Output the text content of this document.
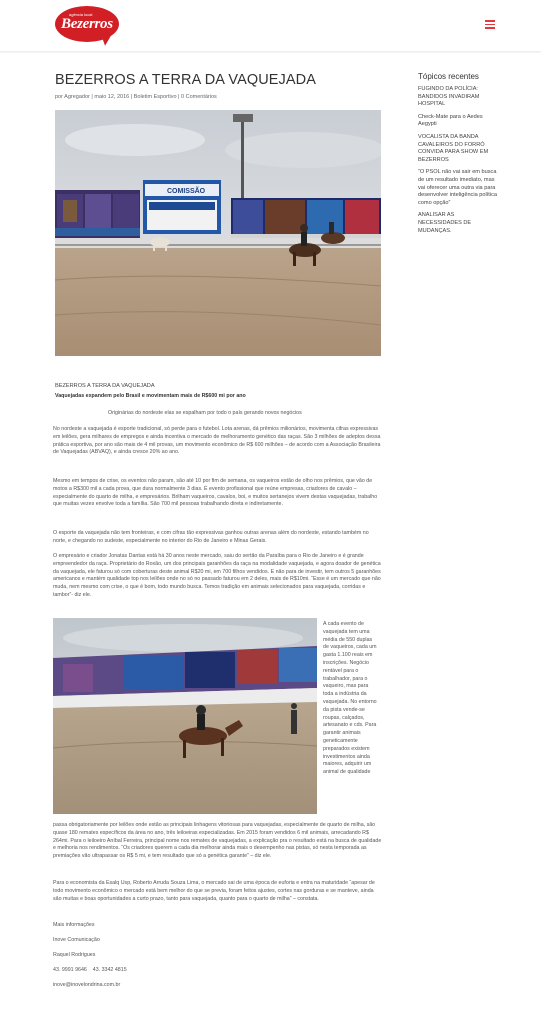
agência local
Bezerros
BEZERROS A TERRA DA VAQUEJADA
por Agregador | maio 12, 2016 | Boletim Esportivo | 0 Comentários
COMISSÃO
Tópicos recentes
FUGINDO DA POLÍCIA: BANDIDOS INVADIRAM HOSPITAL
Check-Mate para o Aedes Aegypti
VOCALISTA DA BANDA CAVALEIROS DO FORRÓ CONVIDA PARA SHOW EM BEZERROS
“O PSOL não vai sair em busca de um resultado imediato, mas vai oferecer uma outra via para desenvolver inteligência política como opção”
ANALISAR AS NECESSIDADES DE MUDANÇAS.
BEZERROS A TERRA DA VAQUEJADA
Vaquejadas expandem pelo Brasil e movimentam mais de R$600 mi por ano
Originárias do nordeste elas se espalham por todo o país gerando novos negócios
No nordeste a vaquejada é esporte tradicional, só perde para o futebol. Lota arenas, dá prêmios milionários, movimenta cifras expressivas em leilões, gera milhares de empregos e ainda incentiva o mercado de melhoramento genético das raças. São 3 milhões de adeptos dessa prática esportiva, por ano são mais de 4 mil provas, um movimento econômico de R$ 600 milhões – de acordo com a Associação Brasileira de Vaquejadas (ABVAQ), e ainda cresce 20% ao ano.
Mesmo em tempos de crise, os eventos não param, são até 10 por fim de semana, os vaqueiros estão de olho nos prêmios, que vão de motos a R$300 mil a cada prova, que dura normalmente 3 dias. É evento profissional que reúne empresas, criadores de cavalo – especialmente do quarto de milha, e empresários. Brilham vaqueiros, cavalos, boi, e muitos sertanejos vivem destas vaquejadas, trabalho que muitas vezes envolve toda a família. São 700 mil pessoas trabalhando direta e indiretamente.
O esporte da vaquejada não tem fronteiras, e com cifras tão expressivas ganhou outras arenas além do nordeste, estando também no norte, e chegando no sudeste, especialmente no interior do Rio de Janeiro e Minas Gerais.
O empresário e criador Jonatas Dantas está há 30 anos neste mercado, saiu do sertão da Paraíba para o Rio de Janeiro e é grande empreendedor da raça. Proprietário do Roxão, um dos principais garanhões da raça na modalidade vaquejada, e agora doador de genética da vaquejada, ele faturou só com coberturas deste animal R$20 mi, em 700 filhos vendidos. E não para de investir, tem outros 5 garanhões americanos e mantém qualidade top nos leilões onde no só no passado faturou em 2 deles, mais de R$10mi. “Esse é um mercado que não muda, nem mesmo com crise, o que é bom, todo mundo busca. Temos tradição em animais selecionados para vaquejada, corridas e tambor”- diz ele.
A cada evento de vaquejada tem uma média de 550 duplas de vaqueiros, cada um gasta 1.100 reais em inscrições. Negócio rentável para o trabalhador, para o vaqueiro, mas para toda a indústria da vaquejada. No entorno da pista vende-se roupas, calçados, artesanato e cds. Para garantir animais geneticamente preparados existem investimentos ainda maiores, adquirir um animal de qualidade
passa obrigatoriamente por leilões onde estão as principais linhagens vitoriosas para vaquejadas, especialmente de quarto de milha, são quase 180 remates específicos da área no ano, três leiloeiras especializadas. Em 2015 foram vendidos 6 mil animais, arrecadando R$ 264mi. Para o leiloeiro Aníbal Ferreira, principal nome nos remates de vaquejadas, a explicação pra o resultado está na busca de qualidade e melhoria nos rendimentos. “Os criadores querem a cada dia melhorar ainda mais o desempenho nas pistas, só nesta temporada as premiações vão ultrapassar os R$ 5 mi, e tem resultado que só a genética garante” – diz ele.
Para o economista da Esalq Usp, Roberto Arruda Souza Lima, o mercado sai de uma época de euforia e entra na maturidade “apesar de todo movimento econômico o mercado está bem melhor do que se previa, foram feitos ajustes, cortes nas gorduras e se manteve, ainda são muitas e boas oportunidades a curto prazo, tanto para vaquejada, quanto para o quarto de milha” – constata.
Mais informações
Inove Comunicação
Raquel Rodrigues
43. 9991 9646    43. 3342 4815
inove@inovelondrina.com.br
